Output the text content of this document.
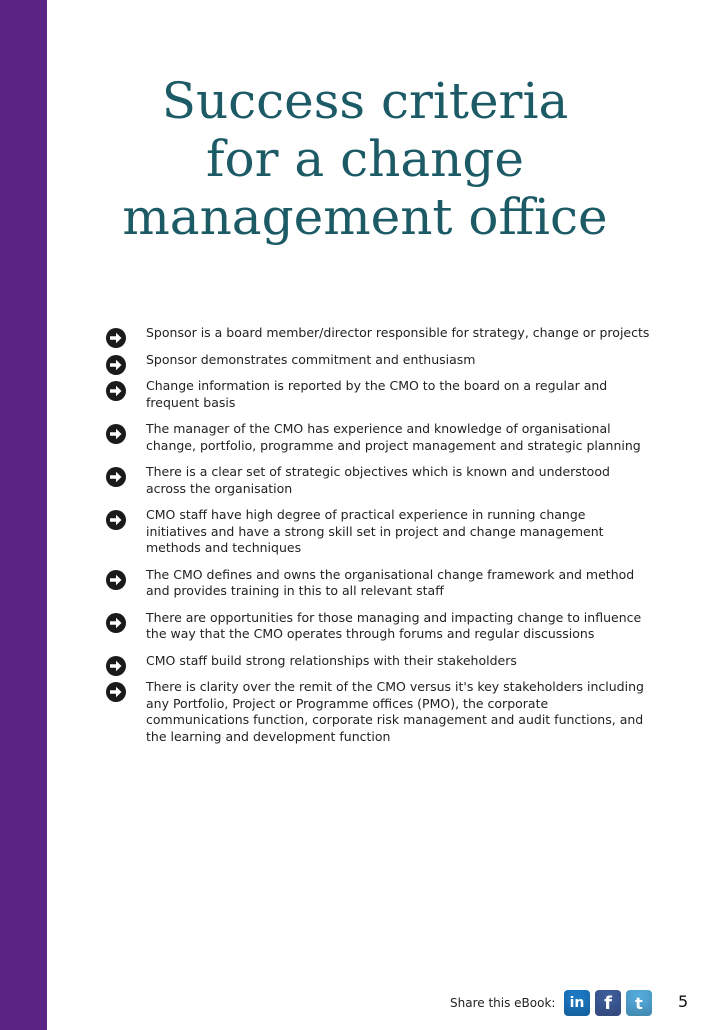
Success criteria
for a change
management office
Sponsor is a board member/director responsible for strategy, change or projects
Sponsor demonstrates commitment and enthusiasm
Change information is reported by the CMO to the board on a regular and frequent basis
The manager of the CMO has experience and knowledge of organisational change, portfolio, programme and project management and strategic planning
There is a clear set of strategic objectives which is known and understood across the organisation
CMO staff have high degree of practical experience in running change initiatives and have a strong skill set in project and change management methods and techniques
The CMO defines and owns the organisational change framework and method and provides training in this to all relevant staff
There are opportunities for those managing and impacting change to influence the way that the CMO operates through forums and regular discussions
CMO staff build strong relationships with their stakeholders
There is clarity over the remit of the CMO versus it's key stakeholders including any Portfolio, Project or Programme offices (PMO), the corporate communications function, corporate risk management and audit functions, and the learning and development function
Share this eBook:	in	f	t	5
